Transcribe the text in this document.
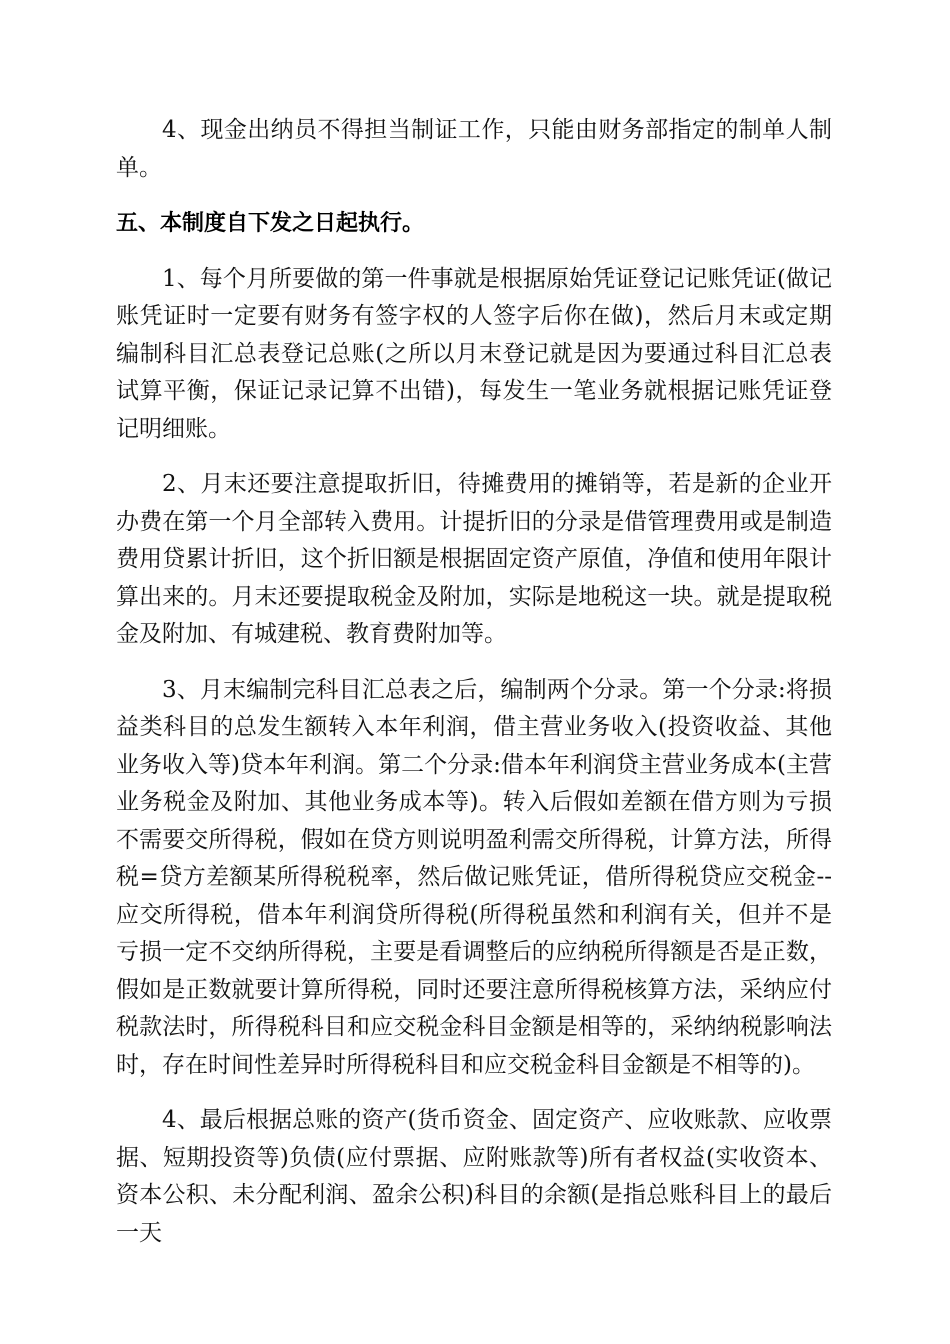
4、现金出纳员不得担当制证工作，只能由财务部指定的制单人制单。

五、本制度自下发之日起执行。

1、每个月所要做的第一件事就是根据原始凭证登记记账凭证(做记账凭证时一定要有财务有签字权的人签字后你在做)，然后月末或定期编制科目汇总表登记总账(之所以月末登记就是因为要通过科目汇总表试算平衡，保证记录记算不出错)，每发生一笔业务就根据记账凭证登记明细账。

2、月末还要注意提取折旧，待摊费用的摊销等，若是新的企业开办费在第一个月全部转入费用。计提折旧的分录是借管理费用或是制造费用贷累计折旧，这个折旧额是根据固定资产原值，净值和使用年限计算出来的。月末还要提取税金及附加，实际是地税这一块。就是提取税金及附加、有城建税、教育费附加等。

3、月末编制完科目汇总表之后，编制两个分录。第一个分录:将损益类科目的总发生额转入本年利润，借主营业务收入(投资收益、其他业务收入等)贷本年利润。第二个分录:借本年利润贷主营业务成本(主营业务税金及附加、其他业务成本等)。转入后假如差额在借方则为亏损不需要交所得税，假如在贷方则说明盈利需交所得税，计算方法，所得税=贷方差额某所得税税率，然后做记账凭证，借所得税贷应交税金--应交所得税，借本年利润贷所得税(所得税虽然和利润有关，但并不是亏损一定不交纳所得税，主要是看调整后的应纳税所得额是否是正数，假如是正数就要计算所得税，同时还要注意所得税核算方法，采纳应付税款法时，所得税科目和应交税金科目金额是相等的，采纳纳税影响法时，存在时间性差异时所得税科目和应交税金科目金额是不相等的)。

4、最后根据总账的资产(货币资金、固定资产、应收账款、应收票据、短期投资等)负债(应付票据、应附账款等)所有者权益(实收资本、资本公积、未分配利润、盈余公积)科目的余额(是指总账科目上的最后一天
